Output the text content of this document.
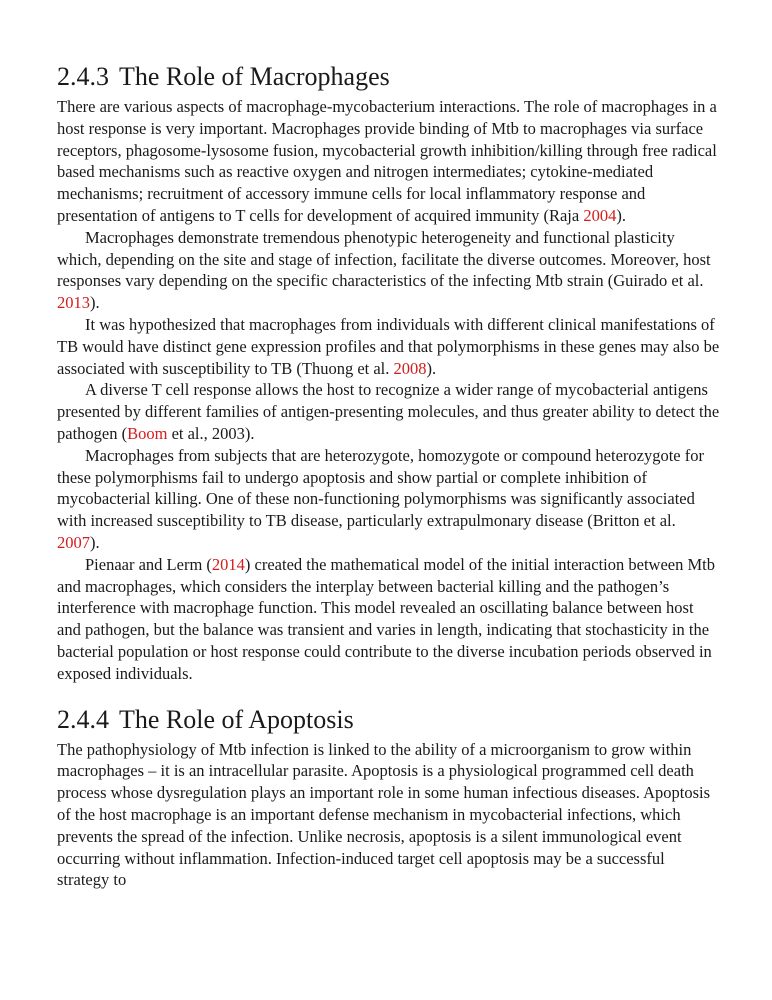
2.4.3 The Role of Macrophages

There are various aspects of macrophage-mycobacterium interactions. The role of macrophages in a host response is very important. Macrophages provide binding of Mtb to macrophages via surface receptors, phagosome-lysosome fusion, mycobacterial growth inhibition/killing through free radical based mechanisms such as reactive oxygen and nitrogen intermediates; cytokine-mediated mechanisms; recruitment of accessory immune cells for local inflammatory response and presentation of antigens to T cells for development of acquired immunity (Raja 2004).

Macrophages demonstrate tremendous phenotypic heterogeneity and functional plasticity which, depending on the site and stage of infection, facilitate the diverse outcomes. Moreover, host responses vary depending on the specific characteristics of the infecting Mtb strain (Guirado et al. 2013).

It was hypothesized that macrophages from individuals with different clinical manifestations of TB would have distinct gene expression profiles and that polymorphisms in these genes may also be associated with susceptibility to TB (Thuong et al. 2008).

A diverse T cell response allows the host to recognize a wider range of mycobacterial antigens presented by different families of antigen-presenting molecules, and thus greater ability to detect the pathogen (Boom et al., 2003).

Macrophages from subjects that are heterozygote, homozygote or compound heterozygote for these polymorphisms fail to undergo apoptosis and show partial or complete inhibition of mycobacterial killing. One of these non-functioning polymorphisms was significantly associated with increased susceptibility to TB disease, particularly extrapulmonary disease (Britton et al. 2007).

Pienaar and Lerm (2014) created the mathematical model of the initial interaction between Mtb and macrophages, which considers the interplay between bacterial killing and the pathogen’s interference with macrophage function. This model revealed an oscillating balance between host and pathogen, but the balance was transient and varies in length, indicating that stochasticity in the bacterial population or host response could contribute to the diverse incubation periods observed in exposed individuals.

2.4.4 The Role of Apoptosis

The pathophysiology of Mtb infection is linked to the ability of a microorganism to grow within macrophages – it is an intracellular parasite. Apoptosis is a physiological programmed cell death process whose dysregulation plays an important role in some human infectious diseases. Apoptosis of the host macrophage is an important defense mechanism in mycobacterial infections, which prevents the spread of the infection. Unlike necrosis, apoptosis is a silent immunological event occurring without inflammation. Infection-induced target cell apoptosis may be a successful strategy to
